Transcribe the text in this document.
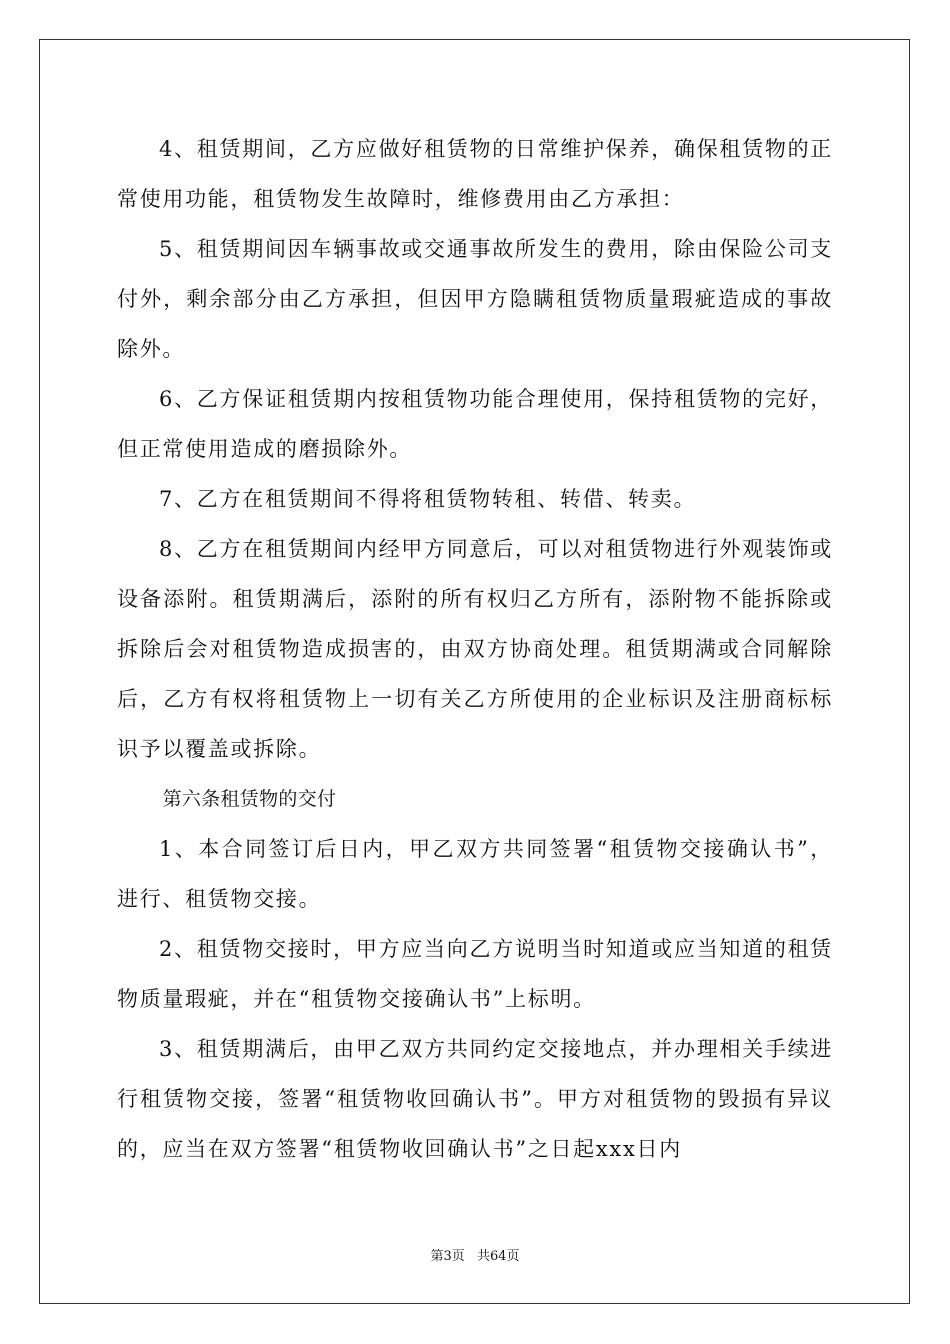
4、租赁期间，乙方应做好租赁物的日常维护保养，确保租赁物的正常使用功能，租赁物发生故障时，维修费用由乙方承担：

5、租赁期间因车辆事故或交通事故所发生的费用，除由保险公司支付外，剩余部分由乙方承担，但因甲方隐瞒租赁物质量瑕疵造成的事故除外。

6、乙方保证租赁期内按租赁物功能合理使用，保持租赁物的完好，但正常使用造成的磨损除外。

7、乙方在租赁期间不得将租赁物转租、转借、转卖。

8、乙方在租赁期间内经甲方同意后，可以对租赁物进行外观装饰或设备添附。租赁期满后，添附的所有权归乙方所有，添附物不能拆除或拆除后会对租赁物造成损害的，由双方协商处理。租赁期满或合同解除后，乙方有权将租赁物上一切有关乙方所使用的企业标识及注册商标标识予以覆盖或拆除。

第六条租赁物的交付

1、本合同签订后日内，甲乙双方共同签署“租赁物交接确认书”，进行、租赁物交接。

2、租赁物交接时，甲方应当向乙方说明当时知道或应当知道的租赁物质量瑕疵，并在“租赁物交接确认书”上标明。

3、租赁期满后，由甲乙双方共同约定交接地点，并办理相关手续进行租赁物交接，签署“租赁物收回确认书”。甲方对租赁物的毁损有异议的，应当在双方签署“租赁物收回确认书”之日起xxx日内

第3页 共64页
